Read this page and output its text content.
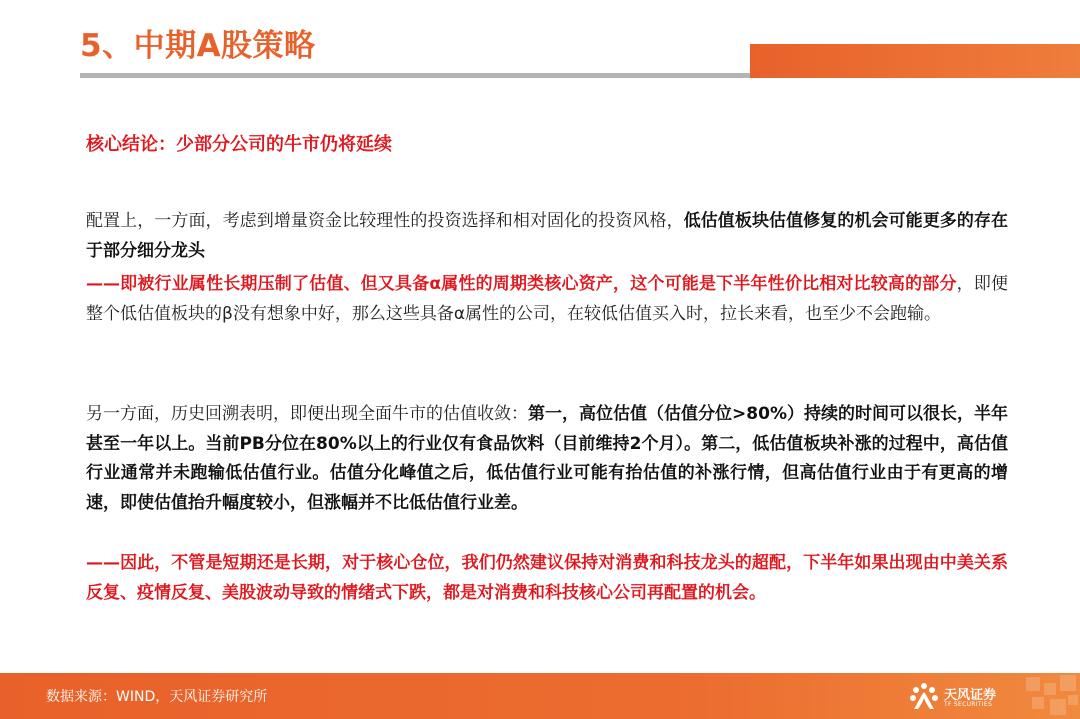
5、中期A股策略
核心结论：少部分公司的牛市仍将延续

配置上，一方面，考虑到增量资金比较理性的投资选择和相对固化的投资风格，低估值板块估值修复的机会可能更多的存在于部分细分龙头

——即被行业属性长期压制了估值、但又具备α属性的周期类核心资产，这个可能是下半年性价比相对比较高的部分，即便整个低估值板块的β没有想象中好，那么这些具备α属性的公司，在较低估值买入时，拉长来看，也至少不会跑输。

另一方面，历史回溯表明，即便出现全面牛市的估值收敛：第一，高位估值（估值分位>80%）持续的时间可以很长，半年甚至一年以上。当前PB分位在80%以上的行业仅有食品饮料（目前维持2个月）。第二，低估值板块补涨的过程中，高估值行业通常并未跑输低估值行业。估值分化峰值之后，低估值行业可能有抬估值的补涨行情，但高估值行业由于有更高的增速，即使估值抬升幅度较小，但涨幅并不比低估值行业差。

——因此，不管是短期还是长期，对于核心仓位，我们仍然建议保持对消费和科技龙头的超配，下半年如果出现由中美关系反复、疫情反复、美股波动导致的情绪式下跌，都是对消费和科技核心公司再配置的机会。

数据来源：WIND，天风证券研究所	天风证券
TF SECURITIES
